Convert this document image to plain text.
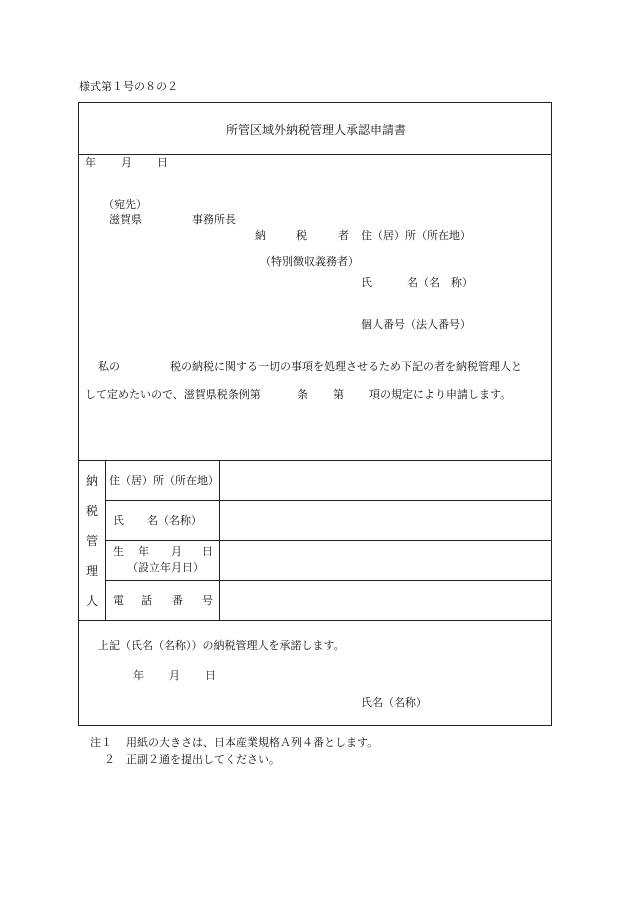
様式第１号の８の２
所管区域外納税管理人承認申請書
年 月 日
（宛先）
滋賀県	事務所長
納	税	者 住（居）所（所在地）
（特別徴収義務者）
氏	名（名　称）
個人番号（法人番号）
私の	税の納税に関する一切の事項を処理させるため下記の者を納税管理人と
して定めたいので、滋賀県税条例第	条 第 項の規定により申請します。
納
税
管
理
人
住（居）所（所在地）
氏 名（名称）
生 年 月 日
（設立年月日）
電 話 番 号
上記（氏名（名称））の納税管理人を承諾します。
年 月 日
氏名（名称）
注１ 用紙の大きさは、日本産業規格Ａ列４番とします。
２ 正副２通を提出してください。
